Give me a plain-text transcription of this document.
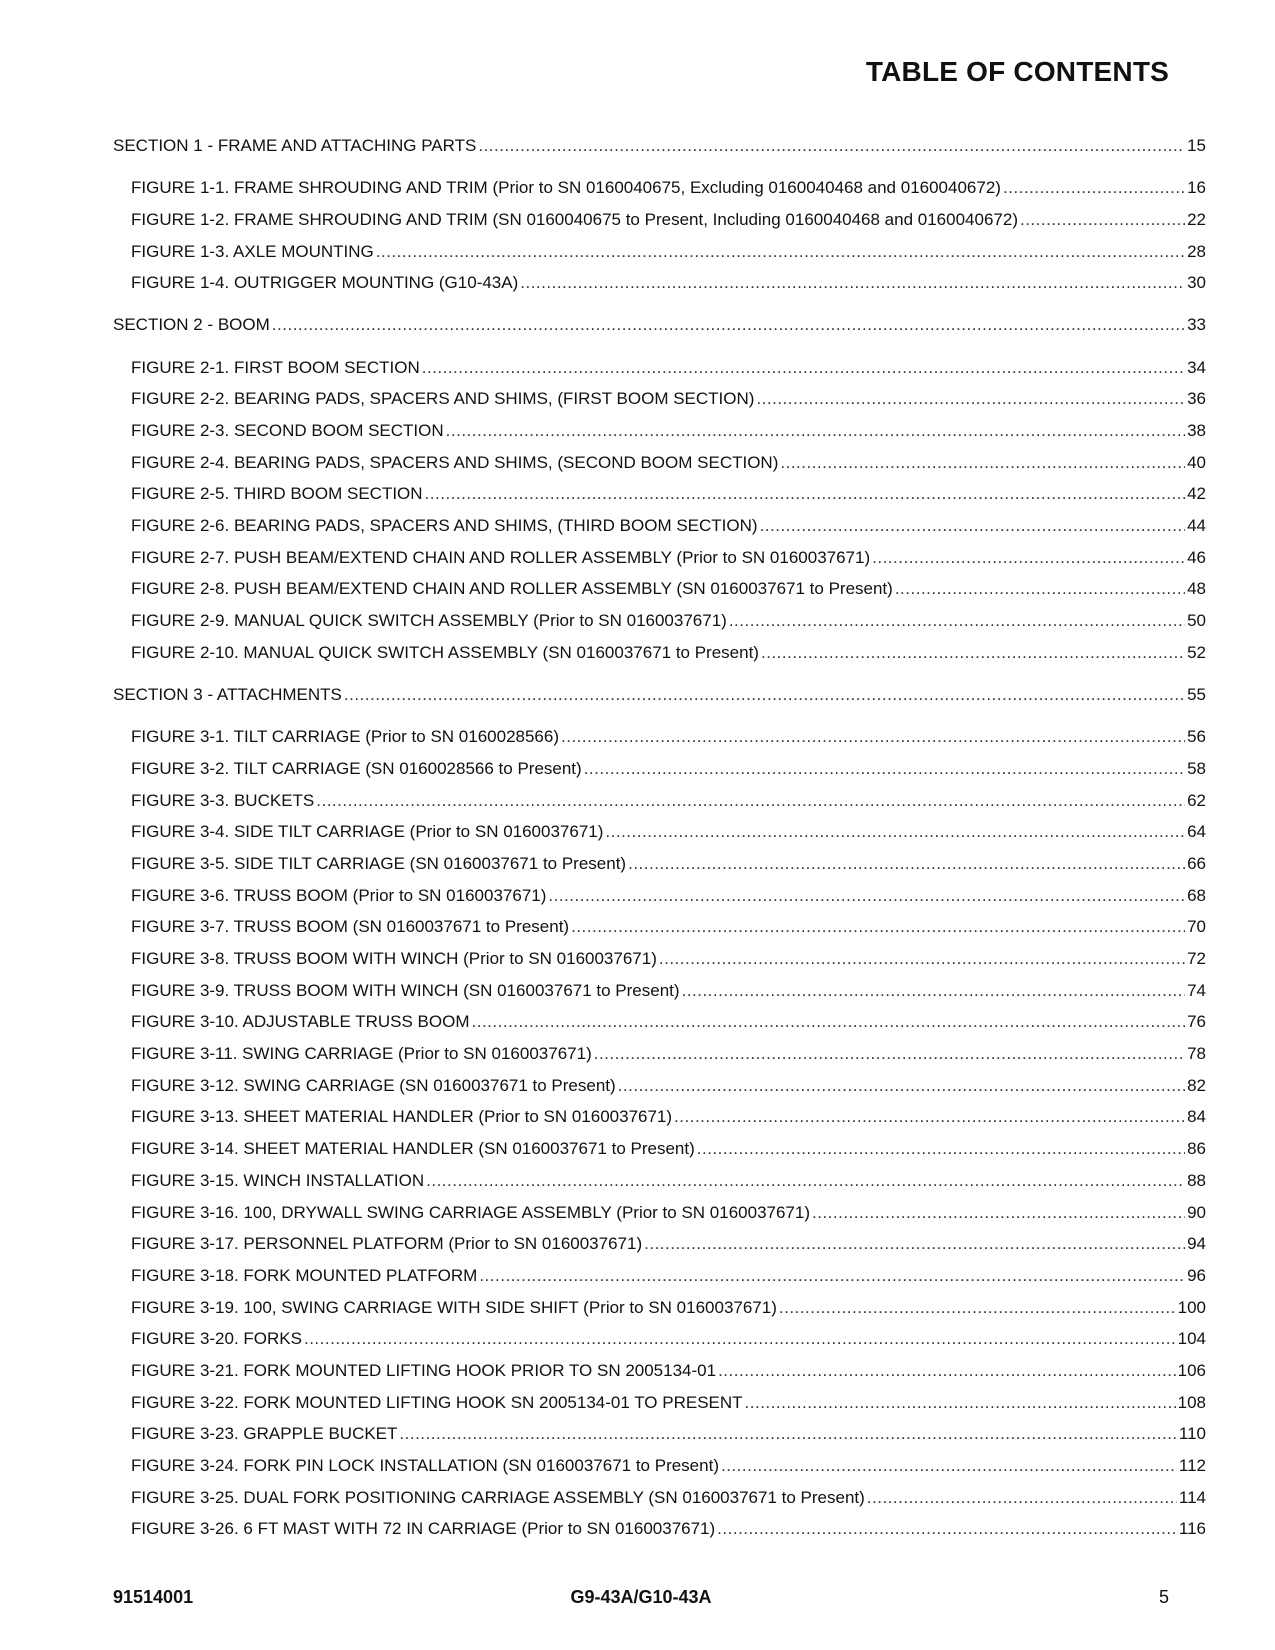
TABLE OF CONTENTS
SECTION 1 - FRAME AND ATTACHING PARTS .....	15
FIGURE 1-1. FRAME SHROUDING AND TRIM (Prior to SN 0160040675, Excluding 0160040468 and 0160040672) .....	16
FIGURE 1-2. FRAME SHROUDING AND TRIM (SN 0160040675 to Present, Including 0160040468 and 0160040672) .....	22
FIGURE 1-3. AXLE MOUNTING .....	28
FIGURE 1-4. OUTRIGGER MOUNTING (G10-43A) .....	30
SECTION 2 - BOOM .....	33
FIGURE 2-1. FIRST BOOM SECTION .....	34
FIGURE 2-2. BEARING PADS, SPACERS AND SHIMS, (FIRST BOOM SECTION) .....	36
FIGURE 2-3. SECOND BOOM SECTION .....	38
FIGURE 2-4. BEARING PADS, SPACERS AND SHIMS, (SECOND BOOM SECTION) .....	40
FIGURE 2-5. THIRD BOOM SECTION .....	42
FIGURE 2-6. BEARING PADS, SPACERS AND SHIMS, (THIRD BOOM SECTION) .....	44
FIGURE 2-7. PUSH BEAM/EXTEND CHAIN AND ROLLER ASSEMBLY (Prior to SN 0160037671) .....	46
FIGURE 2-8. PUSH BEAM/EXTEND CHAIN AND ROLLER ASSEMBLY (SN 0160037671 to Present) .....	48
FIGURE 2-9. MANUAL QUICK SWITCH ASSEMBLY (Prior to SN 0160037671) .....	50
FIGURE 2-10. MANUAL QUICK SWITCH ASSEMBLY (SN 0160037671 to Present) .....	52
SECTION 3 - ATTACHMENTS .....	55
FIGURE 3-1. TILT CARRIAGE (Prior to SN 0160028566) .....	56
FIGURE 3-2. TILT CARRIAGE (SN 0160028566 to Present) .....	58
FIGURE 3-3. BUCKETS .....	62
FIGURE 3-4. SIDE TILT CARRIAGE (Prior to SN 0160037671) .....	64
FIGURE 3-5. SIDE TILT CARRIAGE (SN 0160037671 to Present) .....	66
FIGURE 3-6. TRUSS BOOM (Prior to SN 0160037671) .....	68
FIGURE 3-7. TRUSS BOOM (SN 0160037671 to Present) .....	70
FIGURE 3-8. TRUSS BOOM WITH WINCH (Prior to SN 0160037671) .....	72
FIGURE 3-9. TRUSS BOOM WITH WINCH (SN 0160037671 to Present) .....	74
FIGURE 3-10. ADJUSTABLE TRUSS BOOM .....	76
FIGURE 3-11. SWING CARRIAGE (Prior to SN 0160037671) .....	78
FIGURE 3-12. SWING CARRIAGE (SN 0160037671 to Present) .....	82
FIGURE 3-13. SHEET MATERIAL HANDLER (Prior to SN 0160037671) .....	84
FIGURE 3-14. SHEET MATERIAL HANDLER (SN 0160037671 to Present) .....	86
FIGURE 3-15. WINCH INSTALLATION .....	88
FIGURE 3-16. 100, DRYWALL SWING CARRIAGE ASSEMBLY (Prior to SN 0160037671) .....	90
FIGURE 3-17. PERSONNEL PLATFORM (Prior to SN 0160037671) .....	94
FIGURE 3-18. FORK MOUNTED PLATFORM .....	96
FIGURE 3-19. 100, SWING CARRIAGE WITH SIDE SHIFT (Prior to SN 0160037671) .....	100
FIGURE 3-20. FORKS .....	104
FIGURE 3-21. FORK MOUNTED LIFTING HOOK PRIOR TO SN 2005134-01 .....	106
FIGURE 3-22. FORK MOUNTED LIFTING HOOK SN 2005134-01 TO PRESENT .....	108
FIGURE 3-23. GRAPPLE BUCKET .....	110
FIGURE 3-24. FORK PIN LOCK INSTALLATION (SN 0160037671 to Present) .....	112
FIGURE 3-25. DUAL FORK POSITIONING CARRIAGE ASSEMBLY (SN 0160037671 to Present) .....	114
FIGURE 3-26. 6 FT MAST WITH 72 IN CARRIAGE (Prior to SN 0160037671) .....	116
91514001	G9-43A/G10-43A	5
